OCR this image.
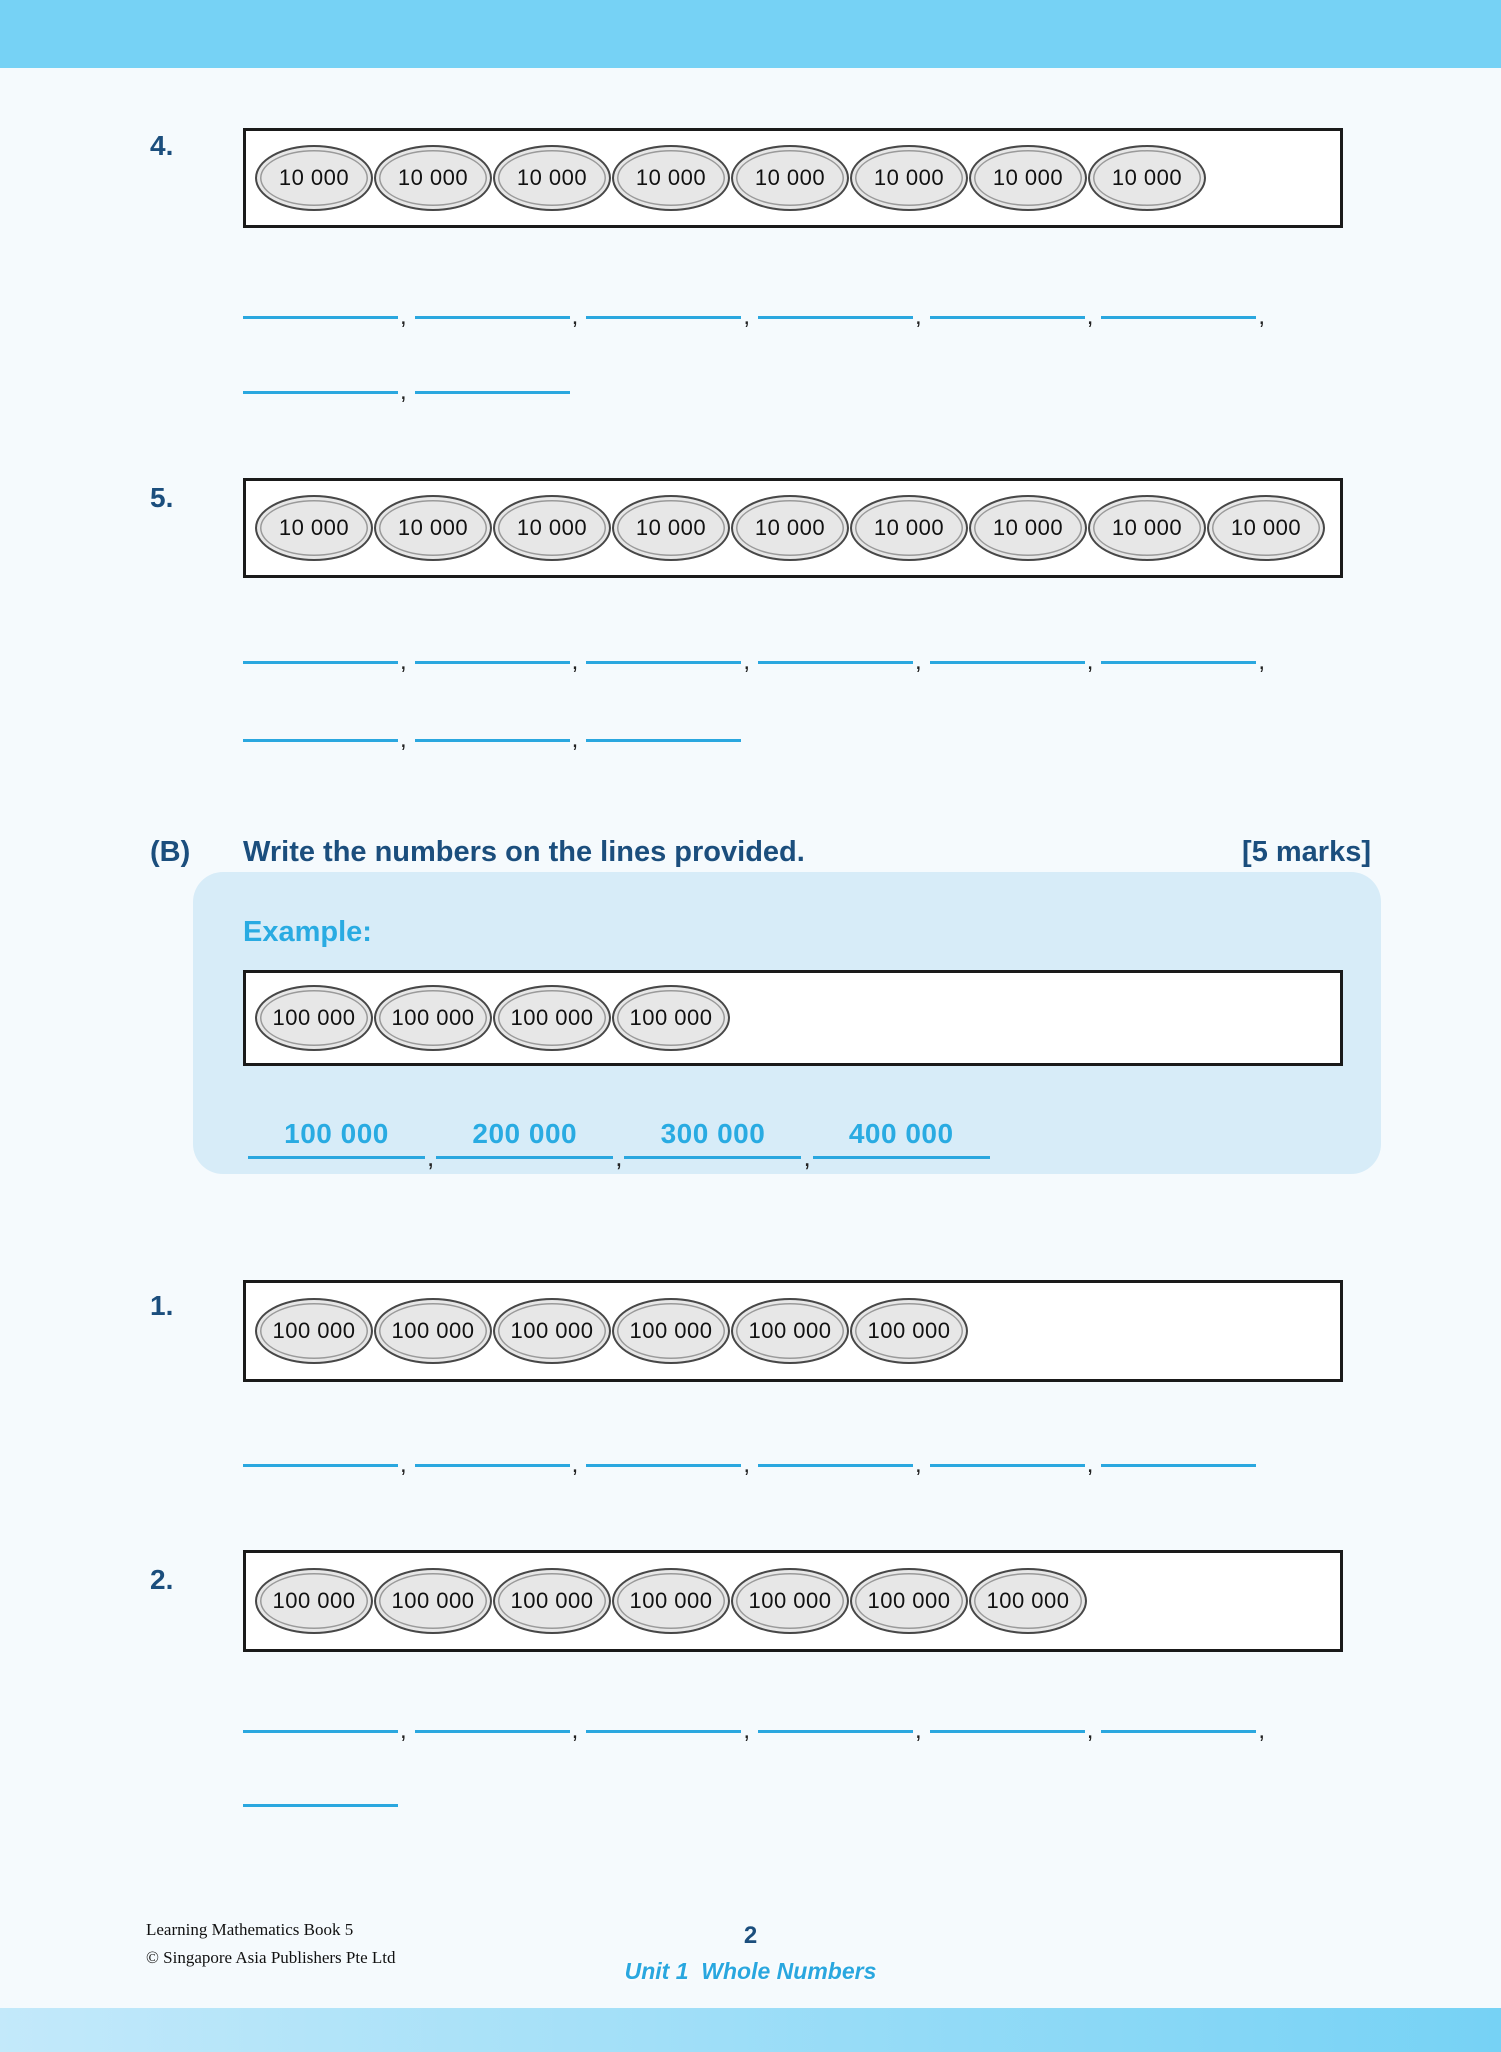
4.
10 000 10 000 10 000 10 000 10 000 10 000 10 000 10 000
,	,	,	,	,	,
,
5.
10 000 10 000 10 000 10 000 10 000 10 000 10 000 10 000 10 000
,	,	,	,	,	,
,	,
(B) Write the numbers on the lines provided.	[5 marks]
Example:
100 000 100 000 100 000 100 000
100 000
,
200 000
,
300 000
,
400 000
1.
100 000 100 000 100 000 100 000 100 000 100 000
,	,	,	,	,
2.
100 000 100 000 100 000 100 000 100 000 100 000 100 000
,	,	,	,	,	,
Learning Mathematics Book 5
© Singapore Asia Publishers Pte Ltd
2
Unit 1  Whole Numbers
